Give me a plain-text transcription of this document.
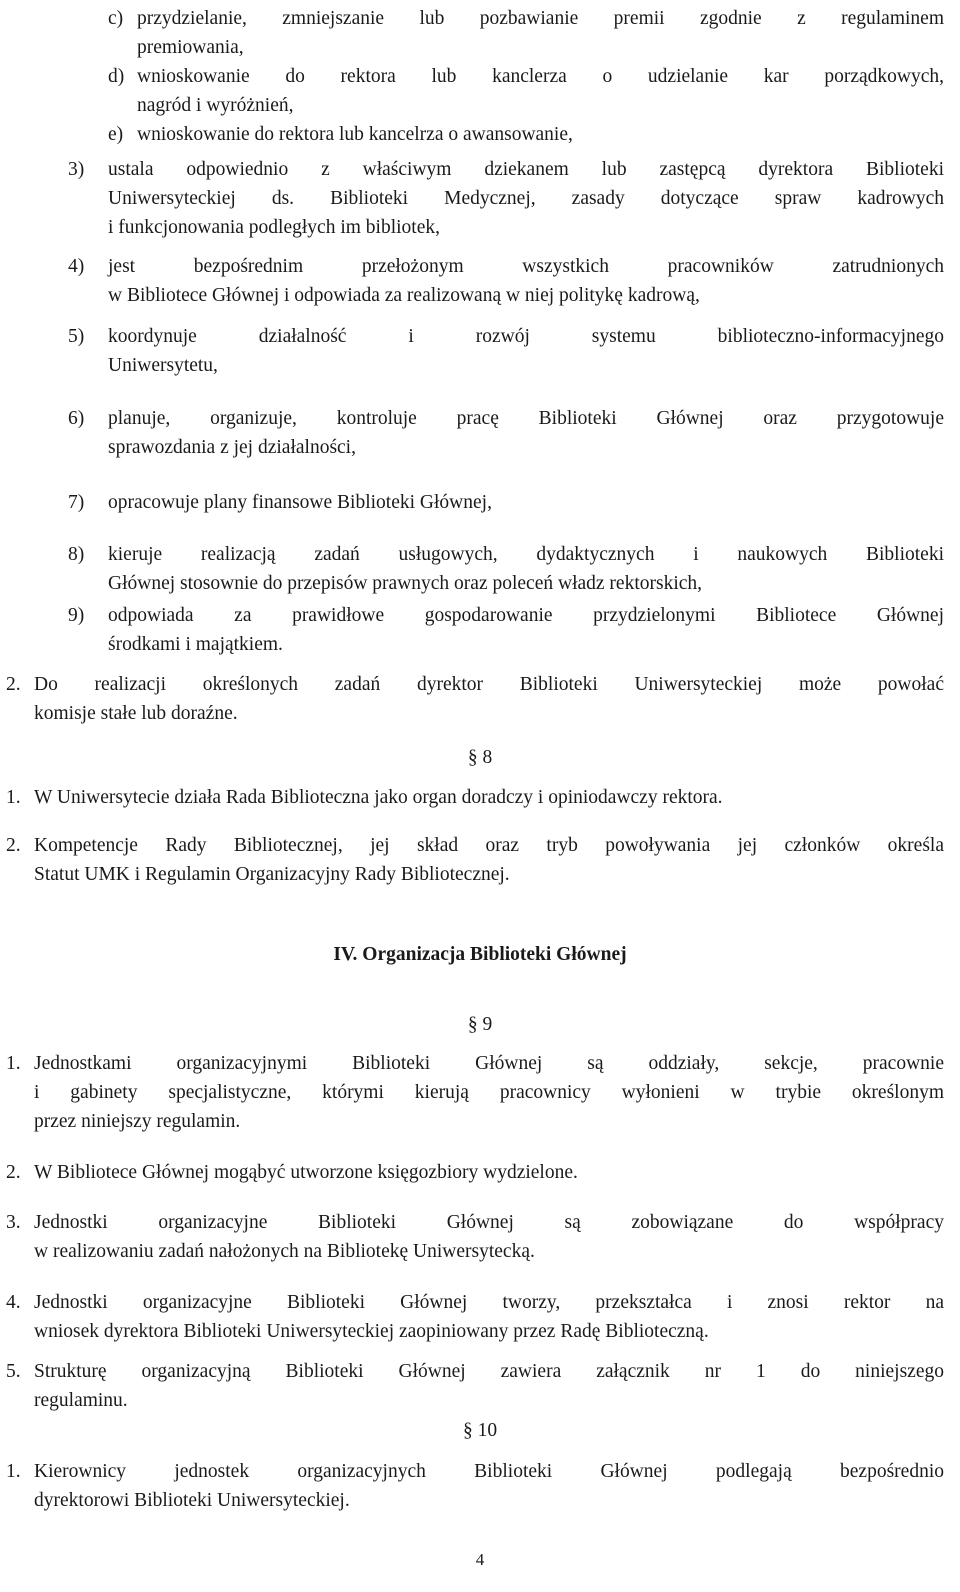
c) przydzielanie, zmniejszanie lub pozbawianie premii zgodnie z regulaminem
premiowania,
d) wnioskowanie do rektora lub kanclerza o udzielanie kar porządkowych,
nagród i wyróżnień,
e) wnioskowanie do rektora lub kancelrza o awansowanie,
3) ustala odpowiednio z właściwym dziekanem lub zastępcą dyrektora Biblioteki
Uniwersyteckiej ds. Biblioteki Medycznej, zasady dotyczące spraw kadrowych
i funkcjonowania podległych im bibliotek,
4) jest bezpośrednim przełożonym wszystkich pracowników zatrudnionych
w Bibliotece Głównej i odpowiada za realizowaną w niej politykę kadrową,
5) koordynuje działalność i rozwój systemu biblioteczno-informacyjnego
Uniwersytetu,
6) planuje, organizuje, kontroluje pracę Biblioteki Głównej oraz przygotowuje
sprawozdania z jej działalności,
7) opracowuje plany finansowe Biblioteki Głównej,
8) kieruje realizacją zadań usługowych, dydaktycznych i naukowych Biblioteki
Głównej stosownie do przepisów prawnych oraz poleceń władz rektorskich,
9) odpowiada za prawidłowe gospodarowanie przydzielonymi Bibliotece Głównej
środkami i majątkiem.
2. Do realizacji określonych zadań dyrektor Biblioteki Uniwersyteckiej może powołać
komisje stałe lub doraźne.
§ 8
1. W Uniwersytecie działa Rada Biblioteczna jako organ doradczy i opiniodawczy rektora.
2. Kompetencje Rady Bibliotecznej, jej skład oraz tryb powoływania jej członków określa
Statut UMK i Regulamin Organizacyjny Rady Bibliotecznej.
IV. Organizacja Biblioteki Głównej
§ 9
1. Jednostkami organizacyjnymi Biblioteki Głównej są oddziały, sekcje, pracownie
i gabinety specjalistyczne, którymi kierują pracownicy wyłonieni w trybie określonym
przez niniejszy regulamin.
2. W Bibliotece Głównej mogąbyć utworzone księgozbiory wydzielone.
3. Jednostki organizacyjne Biblioteki Głównej są zobowiązane do współpracy
w realizowaniu zadań nałożonych na Bibliotekę Uniwersytecką.
4. Jednostki organizacyjne Biblioteki Głównej tworzy, przekształca i znosi rektor na
wniosek dyrektora Biblioteki Uniwersyteckiej zaopiniowany przez Radę Biblioteczną.
5. Strukturę organizacyjną Biblioteki Głównej zawiera załącznik nr 1 do niniejszego
regulaminu.
§ 10
1. Kierownicy jednostek organizacyjnych Biblioteki Głównej podlegają bezpośrednio
dyrektorowi Biblioteki Uniwersyteckiej.
4
